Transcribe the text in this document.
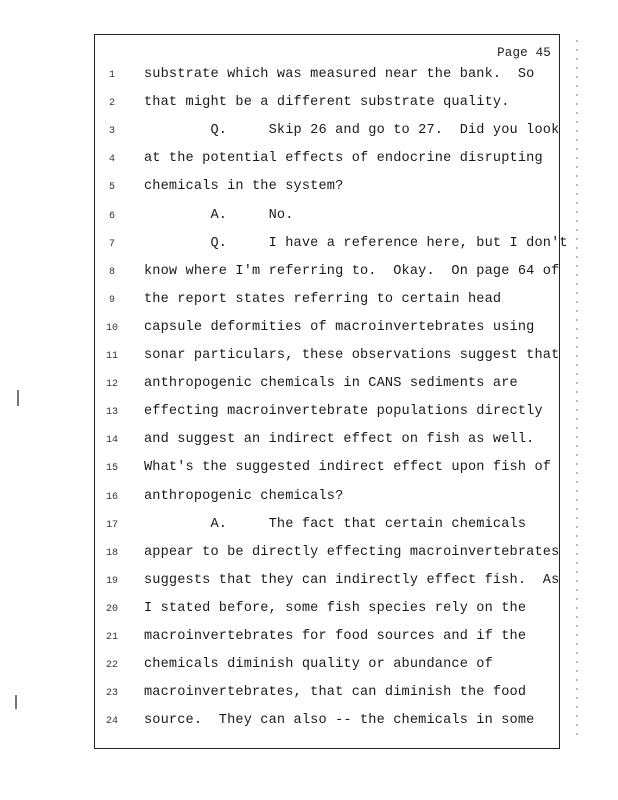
Page 45
1	substrate which was measured near the bank.  So
2	that might be a different substrate quality.
3	Q.     Skip 26 and go to 27.  Did you look
4	at the potential effects of endocrine disrupting
5	chemicals in the system?
6	A.     No.
7	Q.     I have a reference here, but I don't
8	know where I'm referring to.  Okay.  On page 64 of
9	the report states referring to certain head
10 capsule deformities of macroinvertebrates using
11 sonar particulars, these observations suggest that
12 anthropogenic chemicals in CANS sediments are
13 effecting macroinvertebrate populations directly
14 and suggest an indirect effect on fish as well.
15 What's the suggested indirect effect upon fish of
16 anthropogenic chemicals?
17 A.     The fact that certain chemicals
18 appear to be directly effecting macroinvertebrates
19 suggests that they can indirectly effect fish.  As
20 I stated before, some fish species rely on the
21 macroinvertebrates for food sources and if the
22 chemicals diminish quality or abundance of
23 macroinvertebrates, that can diminish the food
24 source.  They can also -- the chemicals in some
